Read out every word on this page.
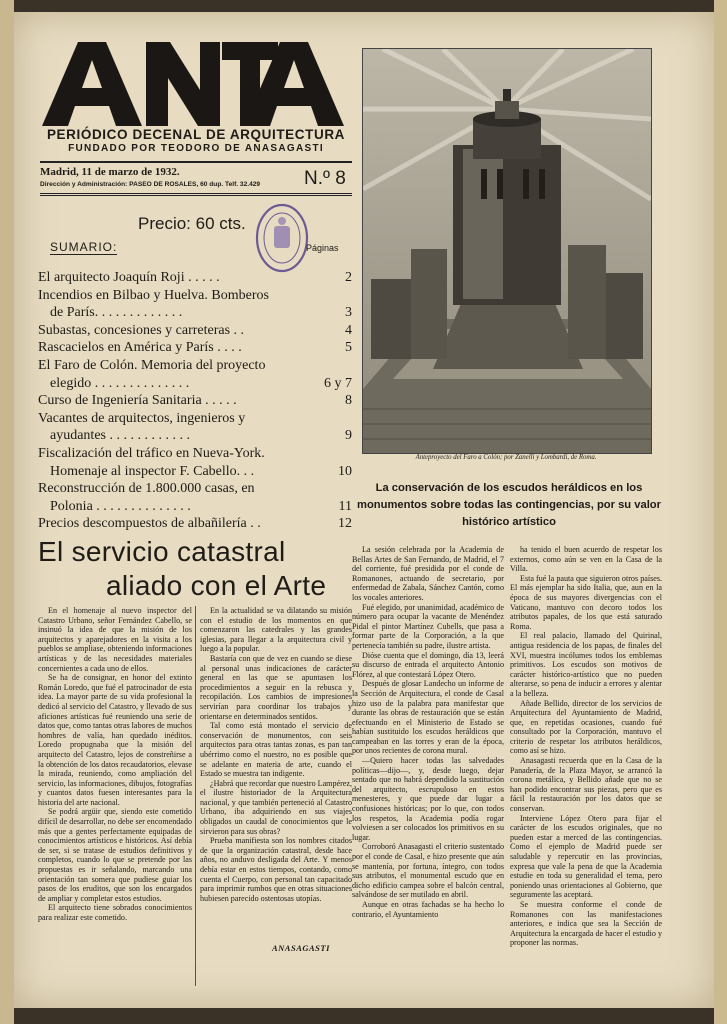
PERIÓDICO DECENAL DE ARQUITECTURA
FUNDADO POR TEODORO DE ANASAGASTI
Madrid, 11 de marzo de 1932.
Dirección y Administración: PASEO DE ROSALES, 60 dup. Telf. 32.429 N.º 8
Precio: 60 cts.
SUMARIO:	Páginas
El arquitecto Joaquín Roji . . . . .	2
Incendios en Bilbao y Huelva. Bomberos
de París. . . . . . . . . . . . .	3
Subastas, concesiones y carreteras . .	4
Rascacielos en América y París . . . .	5
El Faro de Colón. Memoria del proyecto
elegido . . . . . . . . . . . . . .	6 y 7
Curso de Ingeniería Sanitaria . . . . .	8
Vacantes de arquitectos, ingenieros y
ayudantes . . . . . . . . . . . .	9
Fiscalización del tráfico en Nueva-York.
Homenaje al inspector F. Cabello. . .	10
Reconstrucción de 1.800.000 casas, en
Polonia . . . . . . . . . . . . . .	11
Precios descompuestos de albañilería . .	12
Anteproyecto del Faro a Colón; por Zanelli y Lombardi, de Roma.
La conservación de los escudos heráldicos en los monumentos sobre todas las contingencias, por su valor histórico artístico
El servicio catastral
aliado con el Arte

En el homenaje al nuevo inspector del Catastro Urbano, señor Fernández Cabello, se insinuó la idea de que la misión de los arquitectos y aparejadores en la visita a los pueblos se ampliase, obteniendo informaciones artísticas y de las necesidades materiales concernientes a cada uno de ellos.

Se ha de consignar, en honor del extinto Román Loredo, que fué el patrocinador de esta idea. La mayor parte de su vida profesional la dedicó al servicio del Catastro, y llevado de sus aficiones artísticas fué reuniendo una serie de datos que, como tantas otras labores de muchos hombres de valía, han quedado inéditos. Loredo propugnaba que la misión del arquitecto del Catastro, lejos de constreñirse a la obtención de los datos recaudatorios, elevase la mirada, reuniendo, como ampliación del servicio, las informaciones, dibujos, fotografías y cuantos datos fuesen interesantes para la historia del arte nacional.

Se podrá argüir que, siendo este cometido difícil de desarrollar, no debe ser encomendado más que a gentes perfectamente equipadas de conocimientos artísticos e históricos. Así debía de ser, si se tratase de estudios definitivos y completos, cuando lo que se pretende por las propuestas es ir señalando, marcando una orientación tan somera que pudiese guiar los pasos de los eruditos, que son los encargados de ampliar y completar estos estudios.

El arquitecto tiene sobrados conocimientos para realizar este cometido.

En la actualidad se va dilatando su misión con el estudio de los momentos en que comenzaron las catedrales y las grandes iglesias, para llegar a la arquitectura civil y luego a la popular.

Bastaría con que de vez en cuando se diese al personal unas indicaciones de carácter general en las que se apuntasen los procedimientos a seguir en la rebusca y recopilación. Los cambios de impresiones servirían para coordinar los trabajos y orientarse en determinados sentidos.

Tal como está montado el servicio de conservación de monumentos, con seis arquitectos para otras tantas zonas, es pan tan ubérrimo como el nuestro, no es posible que se adelante en materia de arte, cuando el Estado se muestra tan indigente.

¿Habrá que recordar que nuestro Lampérez, el ilustre historiador de la Arquitectura nacional, y que también perteneció al Catastro Urbano, iba adquiriendo en sus viajes obligados un caudal de conocimientos que le sirvieron para sus obras?

Prueba manifiesta son los nombres citados de que la organización catastral, desde hace años, no anduvo desligada del Arte. Y menos debía estar en estos tiempos, contando, como cuenta el Cuerpo, con personal tan capacitado para imprimir rumbos que en otras situaciones hubiesen parecido ostentosas utopías.

ANASAGASTI

La sesión celebrada por la Academia de Bellas Artes de San Fernando, de Madrid, el 7 del corriente, fué presidida por el conde de Romanones, actuando de secretario, por enfermedad de Zabala, Sánchez Cantón, como los vocales anteriores.

Fué elegido, por unanimidad, académico de número para ocupar la vacante de Menéndez Pidal el pintor Martínez Cubells, que pasa a formar parte de la Corporación, a la que pertenecía también su padre, ilustre artista.

Dióse cuenta que el domingo, día 13, leerá su discurso de entrada el arquitecto Antonio Flórez, al que contestará López Otero.

Después de glosar Landecho un informe de la Sección de Arquitectura, el conde de Casal hizo uso de la palabra para manifestar que durante las obras de restauración que se están efectuando en el Ministerio de Estado se habían sustituido los escudos heráldicos que campeaban en las torres y eran de la época, por unos recientes de corona mural.

—Quiero hacer todas las salvedades políticas—dijo—, y, desde luego, dejar sentado que no habrá dependido la sustitución del arquitecto, escrupuloso en estos menesteres, y que puede dar lugar a confusiones históricas; por lo que, con todos los respetos, la Academia podía rogar volviesen a ser colocados los primitivos en su lugar.

Corroboró Anasagasti el criterio sustentado por el conde de Casal, e hizo presente que aún se mantenía, por fortuna, íntegro, con todos sus atributos, el monumental escudo que en dicho edificio campea sobre el balcón central, salvándose de ser mutilado en abril.

Aunque en otras fachadas se ha hecho lo contrario, el Ayuntamiento

ha tenido el buen acuerdo de respetar los externos, como aún se ven en la Casa de la Villa.

Esta fué la pauta que siguieron otros países. El más ejemplar ha sido Italia, que, aun en la época de sus mayores divergencias con el Vaticano, mantuvo con decoro todos los atributos papales, de los que está saturado Roma.

El real palacio, llamado del Quirinal, antigua residencia de los papas, de finales del XVI, muestra incólumes todos los emblemas primitivos. Los escudos son motivos de carácter histórico-artístico que no pueden alterarse, so pena de inducir a errores y alentar a la belleza.

Añade Bellido, director de los servicios de Arquitectura del Ayuntamiento de Madrid, que, en repetidas ocasiones, cuando fué consultado por la Corporación, mantuvo el criterio de respetar los atributos heráldicos, como así se hizo.

Anasagasti recuerda que en la Casa de la Panadería, de la Plaza Mayor, se arrancó la corona metálica, y Bellido añade que no se han podido encontrar sus piezas, pero que es fácil la restauración por los datos que se conservan.

Interviene López Otero para fijar el carácter de los escudos originales, que no pueden estar a merced de las contingencias. Como el ejemplo de Madrid puede ser saludable y repercutir en las provincias, expresa que vale la pena de que la Academia estudie en toda su generalidad el tema, pero poniendo unas orientaciones al Gobierno, que seguramente las aceptará.

Se muestra conforme el conde de Romanones con las manifestaciones anteriores, e indica que sea la Sección de Arquitectura la encargada de hacer el estudio y proponer las normas.
